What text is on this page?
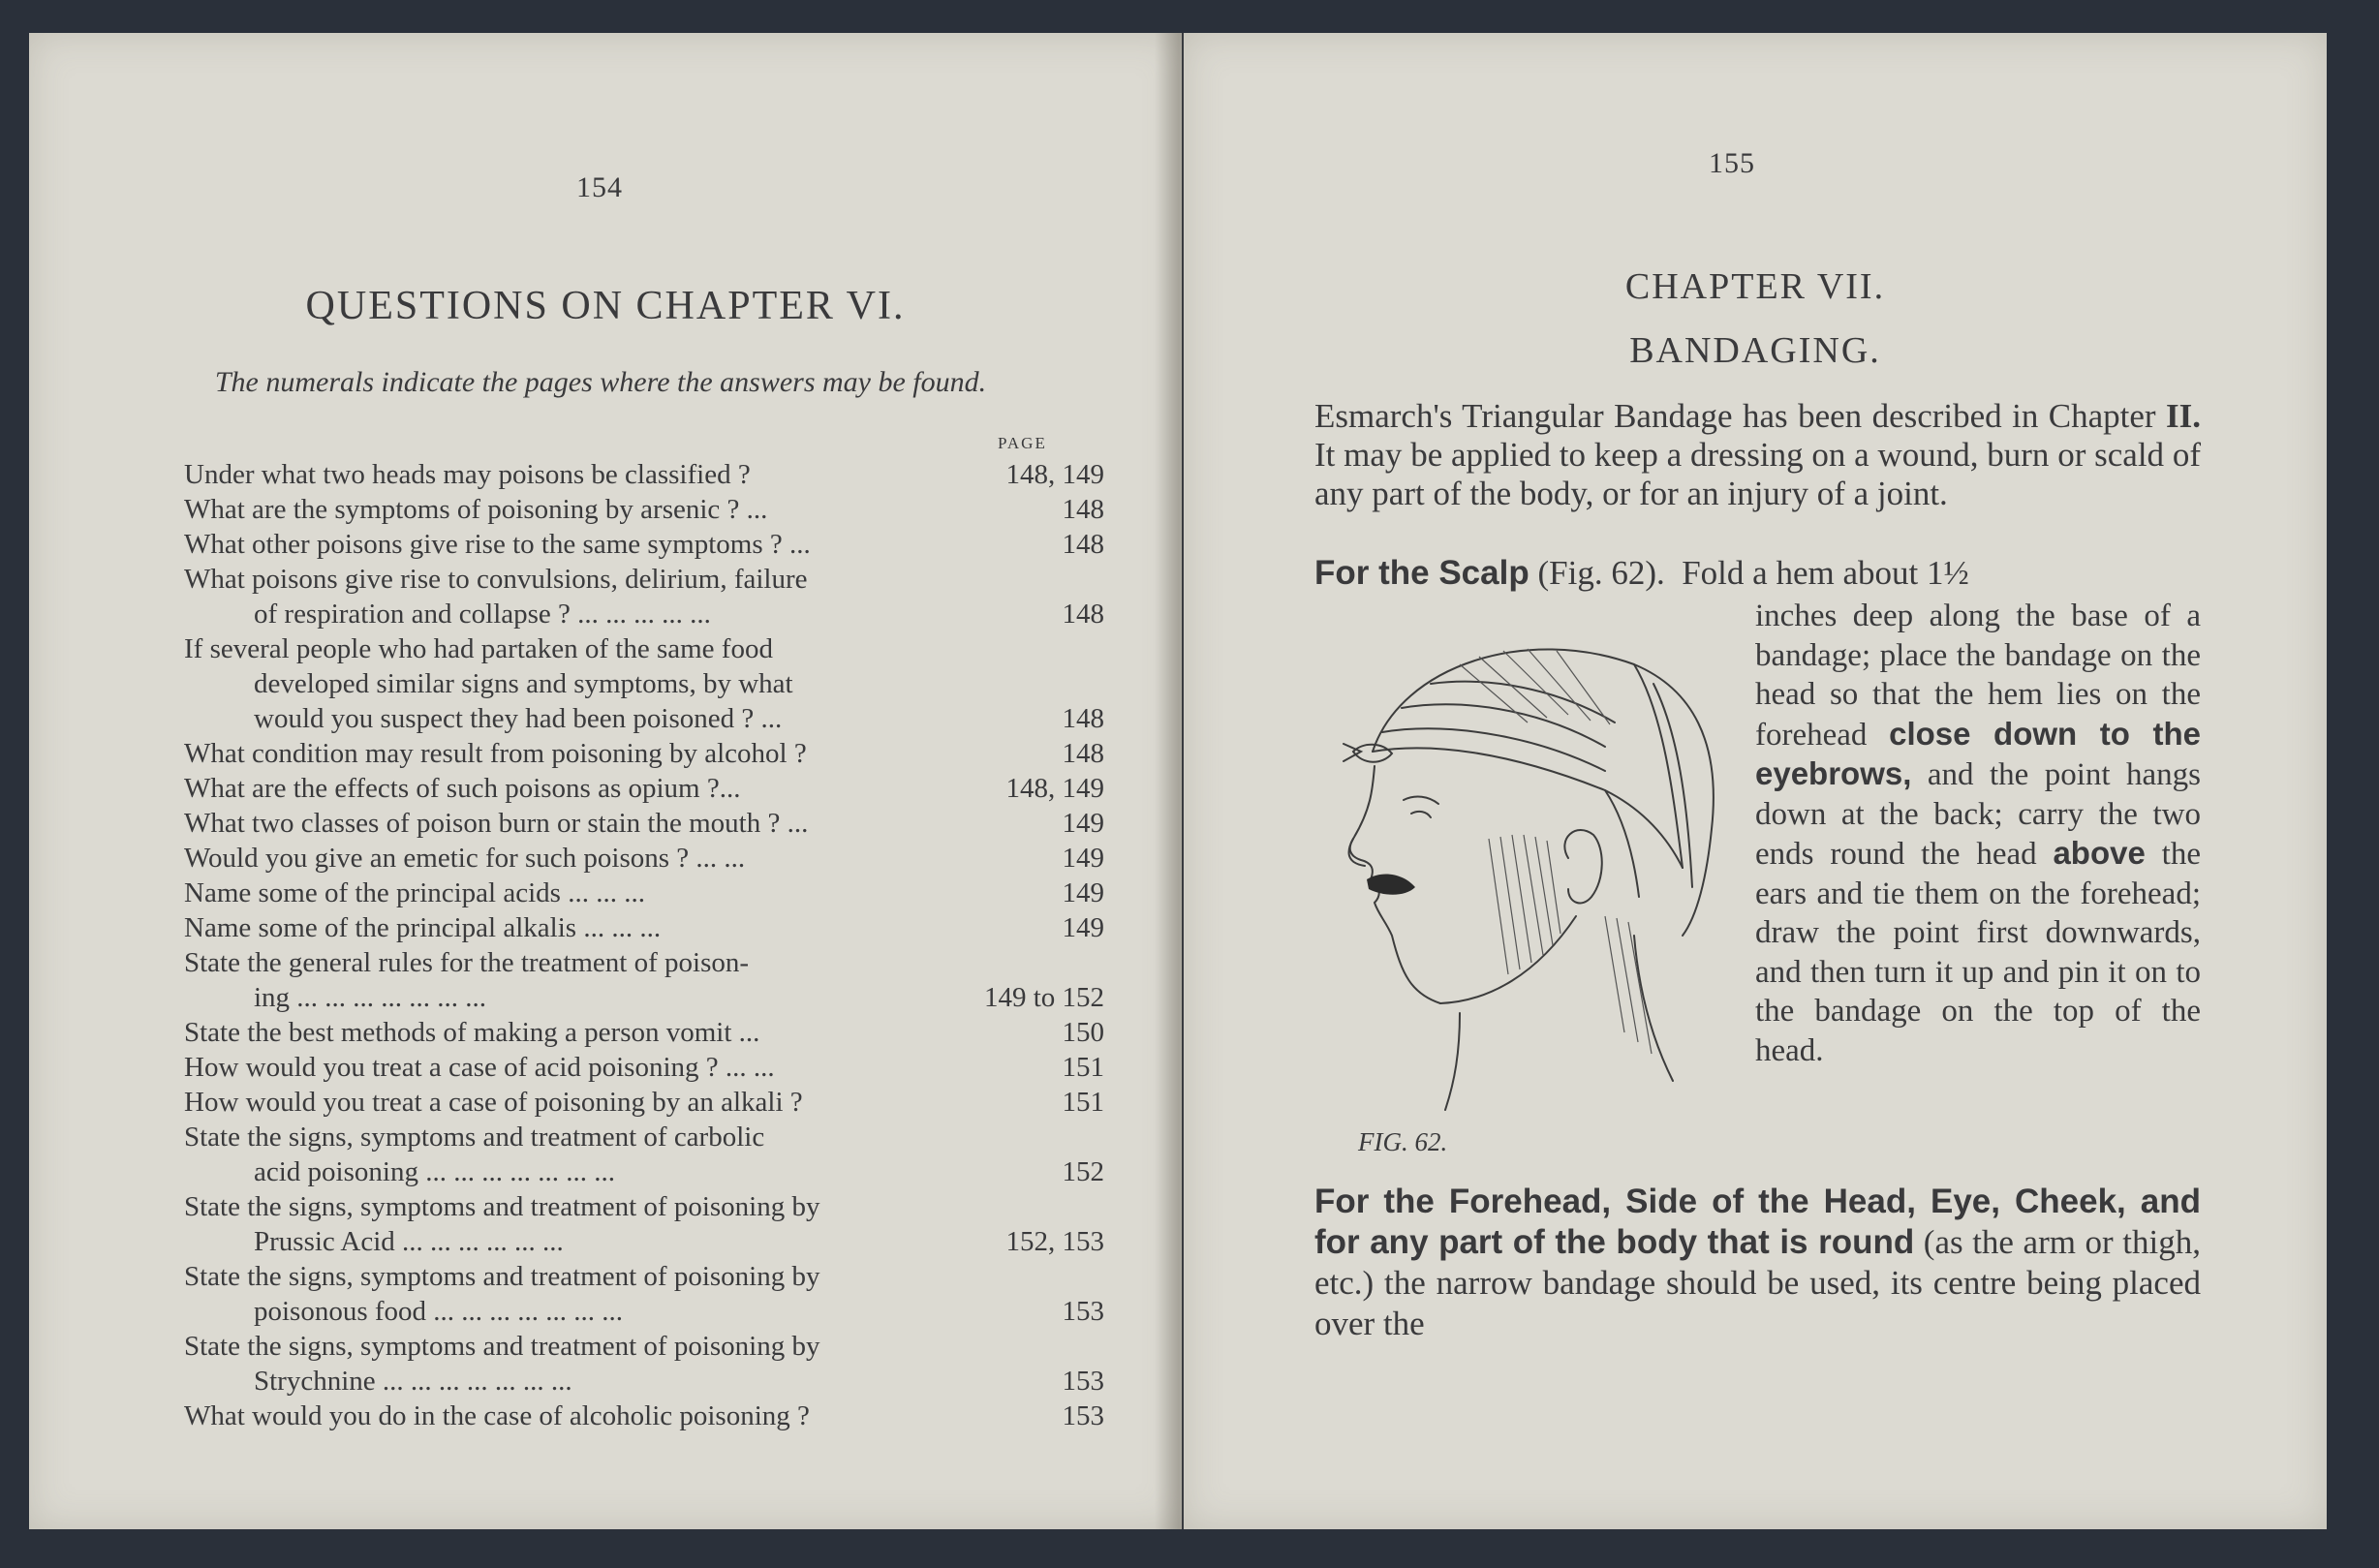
154
QUESTIONS ON CHAPTER VI.
The numerals indicate the pages where the answers may be found.
PAGE
Under what two heads may poisons be classified ?	148, 149
What are the symptoms of poisoning by arsenic ? ...	148
What other poisons give rise to the same symptoms ? ...	148
What poisons give rise to convulsions, delirium, failure
of respiration and collapse ? ... ... ... ... ...	148
If several people who had partaken of the same food
developed similar signs and symptoms, by what
would you suspect they had been poisoned ? ...	148
What condition may result from poisoning by alcohol ?	148
What are the effects of such poisons as opium ?...	148, 149
What two classes of poison burn or stain the mouth ? ...	149
Would you give an emetic for such poisons ? ... ...	149
Name some of the principal acids ... ... ...	149
Name some of the principal alkalis ... ... ...	149
State the general rules for the treatment of poison-
ing ... ... ... ... ... ... ...	149 to 152
State the best methods of making a person vomit ...	150
How would you treat a case of acid poisoning ? ... ...	151
How would you treat a case of poisoning by an alkali ?	151
State the signs, symptoms and treatment of carbolic
acid poisoning ... ... ... ... ... ... ...	152
State the signs, symptoms and treatment of poisoning by
Prussic Acid ... ... ... ... ... ...	152, 153
State the signs, symptoms and treatment of poisoning by
poisonous food ... ... ... ... ... ... ...	153
State the signs, symptoms and treatment of poisoning by
Strychnine ... ... ... ... ... ... ...	153
What would you do in the case of alcoholic poisoning ?	153
155
CHAPTER VII.
BANDAGING.
Esmarch's Triangular Bandage has been described in Chapter II. It may be applied to keep a dressing on a wound, burn or scald of any part of the body, or for an injury of a joint.
For the Scalp (Fig. 62). Fold a hem about 1½
inches deep along the base of a bandage; place the bandage on the head so that the hem lies on the forehead close down to the eyebrows, and the point hangs down at the back; carry the two ends round the head above the ears and tie them on the forehead; draw the point first downwards, and then turn it up and pin it on to the bandage on the top of the head.
FIG. 62.
For the Forehead, Side of the Head, Eye, Cheek, and for any part of the body that is round (as the arm or thigh, etc.) the narrow bandage should be used, its centre being placed over the
